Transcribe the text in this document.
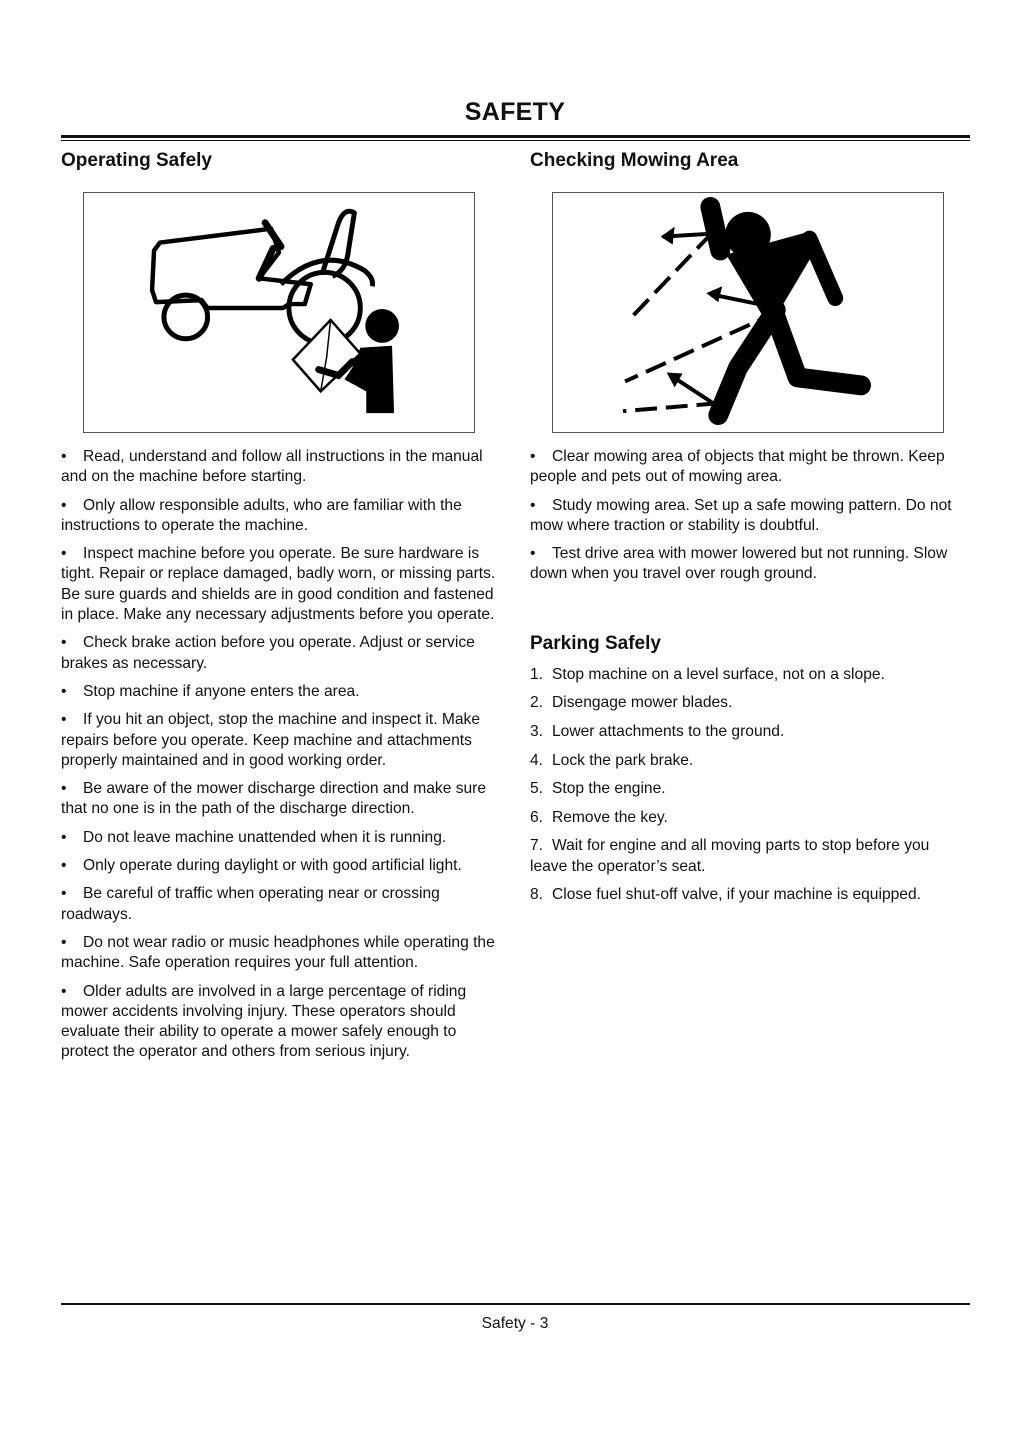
SAFETY
Operating Safely
• Read, understand and follow all instructions in the manual and on the machine before starting.
• Only allow responsible adults, who are familiar with the instructions to operate the machine.
• Inspect machine before you operate. Be sure hardware is tight. Repair or replace damaged, badly worn, or missing parts. Be sure guards and shields are in good condition and fastened in place. Make any necessary adjustments before you operate.
• Check brake action before you operate. Adjust or service brakes as necessary.
• Stop machine if anyone enters the area.
• If you hit an object, stop the machine and inspect it. Make repairs before you operate. Keep machine and attachments properly maintained and in good working order.
• Be aware of the mower discharge direction and make sure that no one is in the path of the discharge direction.
• Do not leave machine unattended when it is running.
• Only operate during daylight or with good artificial light.
• Be careful of traffic when operating near or crossing roadways.
• Do not wear radio or music headphones while operating the machine. Safe operation requires your full attention.
• Older adults are involved in a large percentage of riding mower accidents involving injury. These operators should evaluate their ability to operate a mower safely enough to protect the operator and others from serious injury.
Checking Mowing Area
• Clear mowing area of objects that might be thrown. Keep people and pets out of mowing area.
• Study mowing area. Set up a safe mowing pattern. Do not mow where traction or stability is doubtful.
• Test drive area with mower lowered but not running. Slow down when you travel over rough ground.
Parking Safely
1. Stop machine on a level surface, not on a slope.
2. Disengage mower blades.
3. Lower attachments to the ground.
4. Lock the park brake.
5. Stop the engine.
6. Remove the key.
7. Wait for engine and all moving parts to stop before you leave the operator’s seat.
8. Close fuel shut-off valve, if your machine is equipped.
Safety - 3
